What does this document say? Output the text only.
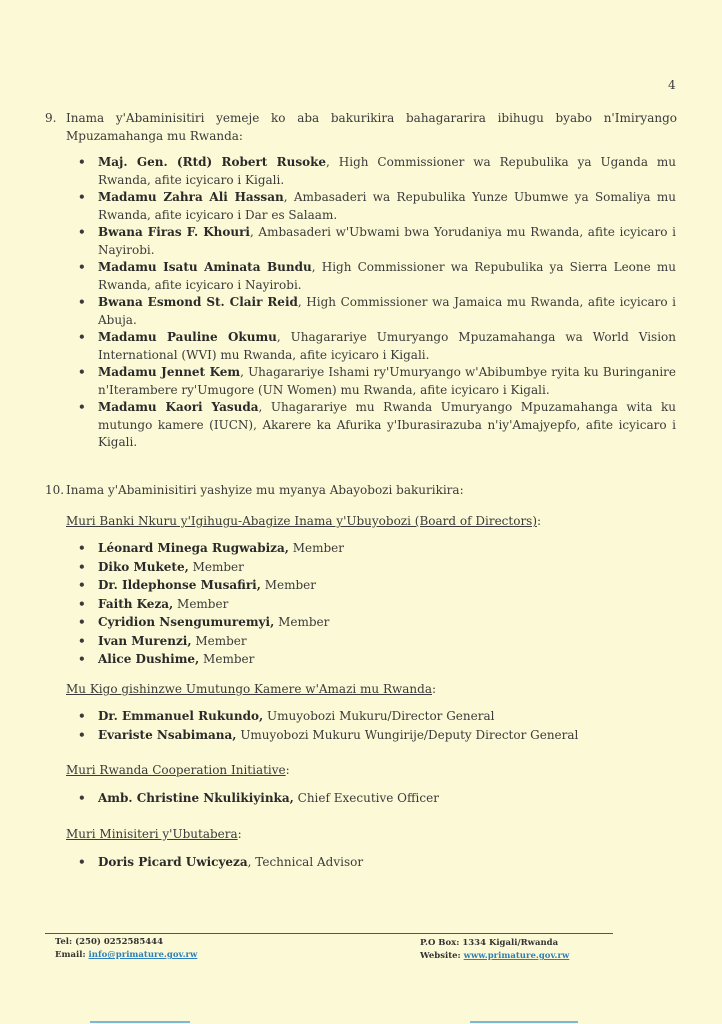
4
9. Inama y'Abaminisitiri yemeje ko aba bakurikira bahagararira ibihugu byabo n'Imiryango Mpuzamahanga mu Rwanda:
• Maj. Gen. (Rtd) Robert Rusoke, High Commissioner wa Repubulika ya Uganda mu Rwanda, afite icyicaro i Kigali.
• Madamu Zahra Ali Hassan, Ambasaderi wa Repubulika Yunze Ubumwe ya Somaliya mu Rwanda, afite icyicaro i Dar es Salaam.
• Bwana Firas F. Khouri, Ambasaderi w'Ubwami bwa Yorudaniya mu Rwanda, afite icyicaro i Nayirobi.
• Madamu Isatu Aminata Bundu, High Commissioner wa Repubulika ya Sierra Leone mu Rwanda, afite icyicaro i Nayirobi.
• Bwana Esmond St. Clair Reid, High Commissioner wa Jamaica mu Rwanda, afite icyicaro i Abuja.
• Madamu Pauline Okumu, Uhagarariye Umuryango Mpuzamahanga wa World Vision International (WVI) mu Rwanda, afite icyicaro i Kigali.
• Madamu Jennet Kem, Uhagarariye Ishami ry'Umuryango w'Abibumbye ryita ku Buringanire n'Iterambere ry'Umugore (UN Women) mu Rwanda, afite icyicaro i Kigali.
• Madamu Kaori Yasuda, Uhagarariye mu Rwanda Umuryango Mpuzamahanga wita ku mutungo kamere (IUCN), Akarere ka Afurika y'Iburasirazuba n'iy'Amajyepfo, afite icyicaro i Kigali.
10. Inama y'Abaminisitiri yashyize mu myanya Abayobozi bakurikira:
Muri Banki Nkuru y'Igihugu-Abagize Inama y'Ubuyobozi (Board of Directors):
• Léonard Minega Rugwabiza, Member
• Diko Mukete, Member
• Dr. Ildephonse Musafiri, Member
• Faith Keza, Member
• Cyridion Nsengumuremyi, Member
• Ivan Murenzi, Member
• Alice Dushime, Member
Mu Kigo gishinzwe Umutungo Kamere w'Amazi mu Rwanda:
• Dr. Emmanuel Rukundo, Umuyobozi Mukuru/Director General
• Evariste Nsabimana, Umuyobozi Mukuru Wungirije/Deputy Director General
Muri Rwanda Cooperation Initiative:
• Amb. Christine Nkulikiyinka, Chief Executive Officer
Muri Minisiteri y'Ubutabera:
• Doris Picard Uwicyeza, Technical Advisor
Tel: (250) 0252585444
Email: info@primature.gov.rw
P.O Box: 1334 Kigali/Rwanda
Website: www.primature.gov.rw
